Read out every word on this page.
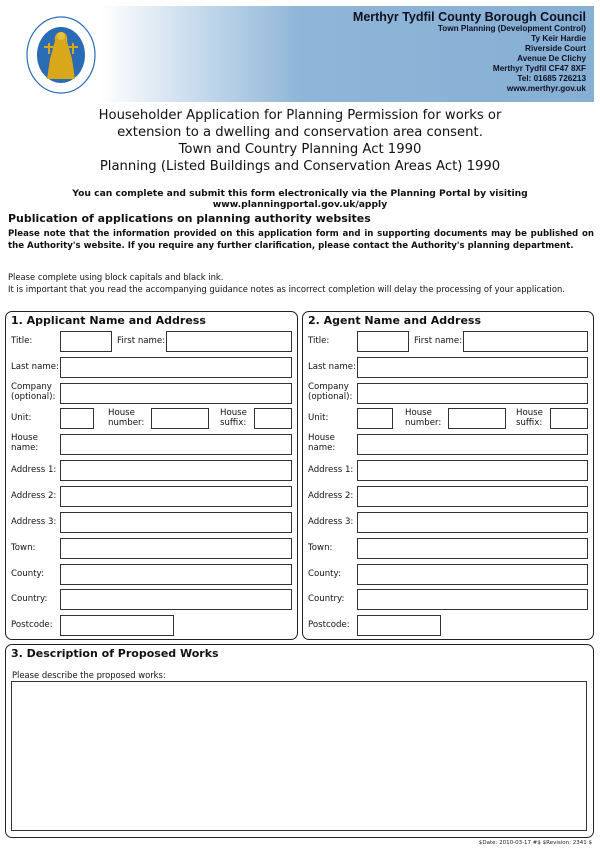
Merthyr Tydfil County Borough Council
Town Planning (Development Control)
Ty Keir Hardie
Riverside Court
Avenue De Clichy
Merthyr Tydfil CF47 8XF
Tel: 01685 726213
www.merthyr.gov.uk
Householder Application for Planning Permission for works or
extension to a dwelling and conservation area consent.
Town and Country Planning Act 1990
Planning (Listed Buildings and Conservation Areas Act) 1990
You can complete and submit this form electronically via the Planning Portal by visiting www.planningportal.gov.uk/apply
Publication of applications on planning authority websites
Please note that the information provided on this application form and in supporting documents may be published on the Authority's website. If you require any further clarification, please contact the Authority's planning department.
Please complete using block capitals and black ink.
It is important that you read the accompanying guidance notes as incorrect completion will delay the processing of your application.
1. Applicant Name and Address
Title:	First name:
Last name:
Company (optional):
Unit:	House number:
House suffix:
House name:
Address 1:
Address 2:
Address 3:
Town:
County:
Country:
Postcode:
2. Agent Name and Address
Title:	First name:
Last name:
Company (optional):
Unit:	House number:
House suffix:
House name:
Address 1:
Address 2:
Address 3:
Town:
County:
Country:
Postcode:
3. Description of Proposed Works
Please describe the proposed works:
$Date: 2010-03-17 #$ $Revision: 2341 $
